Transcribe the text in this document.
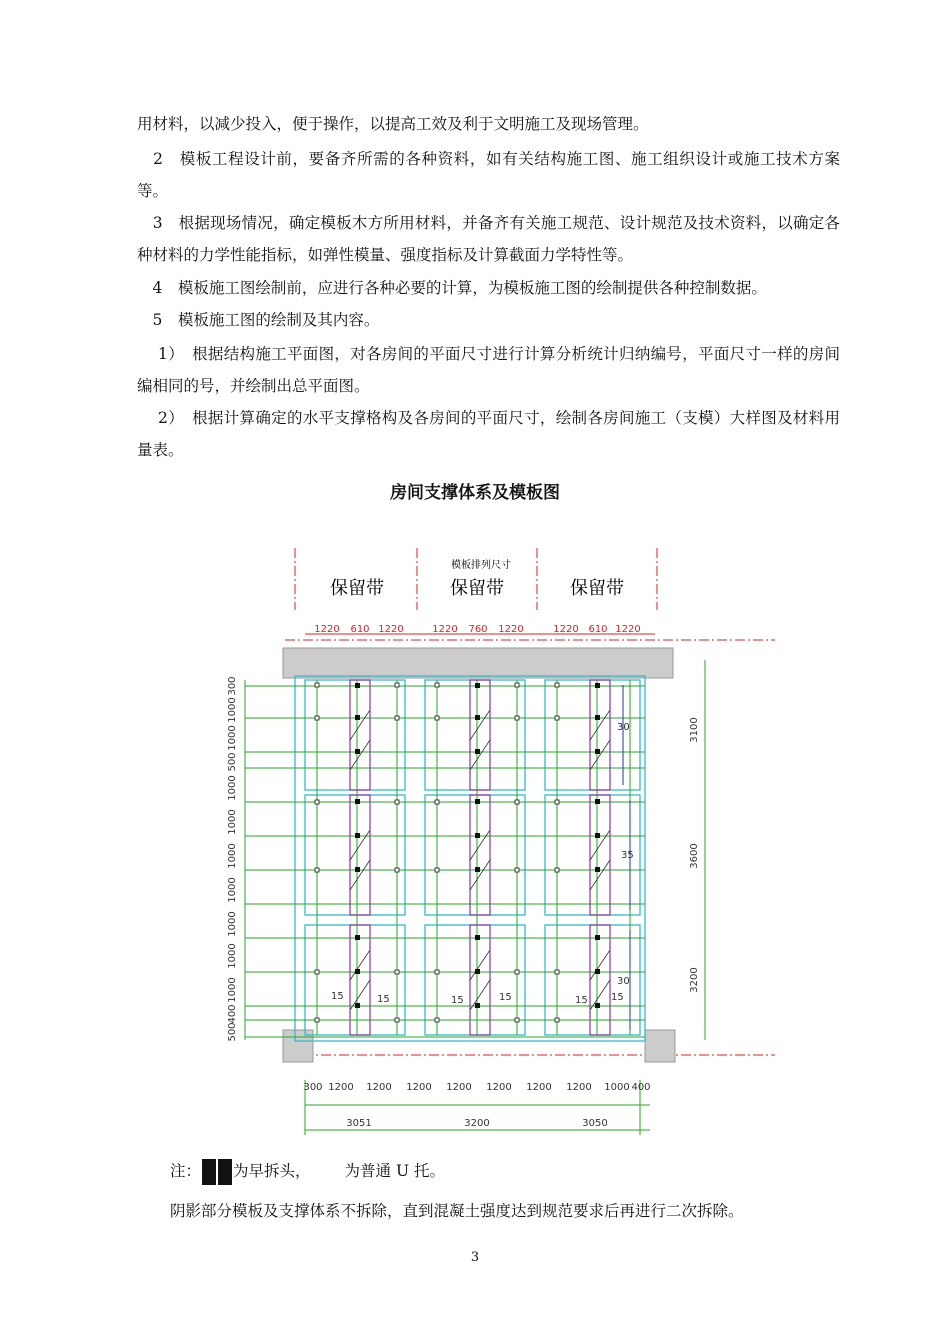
用材料，以减少投入，便于操作，以提高工效及利于文明施工及现场管理。

　2　模板工程设计前，要备齐所需的各种资料，如有关结构施工图、施工组织设计或施工技术方案等。

　3　根据现场情况，确定模板木方所用材料，并备齐有关施工规范、设计规范及技术资料，以确定各种材料的力学性能指标，如弹性模量、强度指标及计算截面力学特性等。

　4　模板施工图绘制前，应进行各种必要的计算，为模板施工图的绘制提供各种控制数据。

　5　模板施工图的绘制及其内容。

　 1）　根据结构施工平面图，对各房间的平面尺寸进行计算分析统计归纳编号，平面尺寸一样的房间编相同的号，并绘制出总平面图。

　 2）　根据计算确定的水平支撑格构及各房间的平面尺寸，绘制各房间施工（支模）大样图及材料用量表。

房间支撑体系及模板图
模板排列尺寸
保留带	保留带	保留带
1220 610 1220	1220 760 1220	1220 610 1220
30
35
30
15	15	15	15	15 15
300
1000
1000
500
1000
1000
1000
1000
1000
1000
1000
400
500
3100
3600
3200
300 1200 1200 1200 1200 1200 1200 1200 1000 400
3051	3200	3050
注： 为早拆头， 为普通 U 托。
阴影部分模板及支撑体系不拆除，直到混凝土强度达到规范要求后再进行二次拆除。
3
